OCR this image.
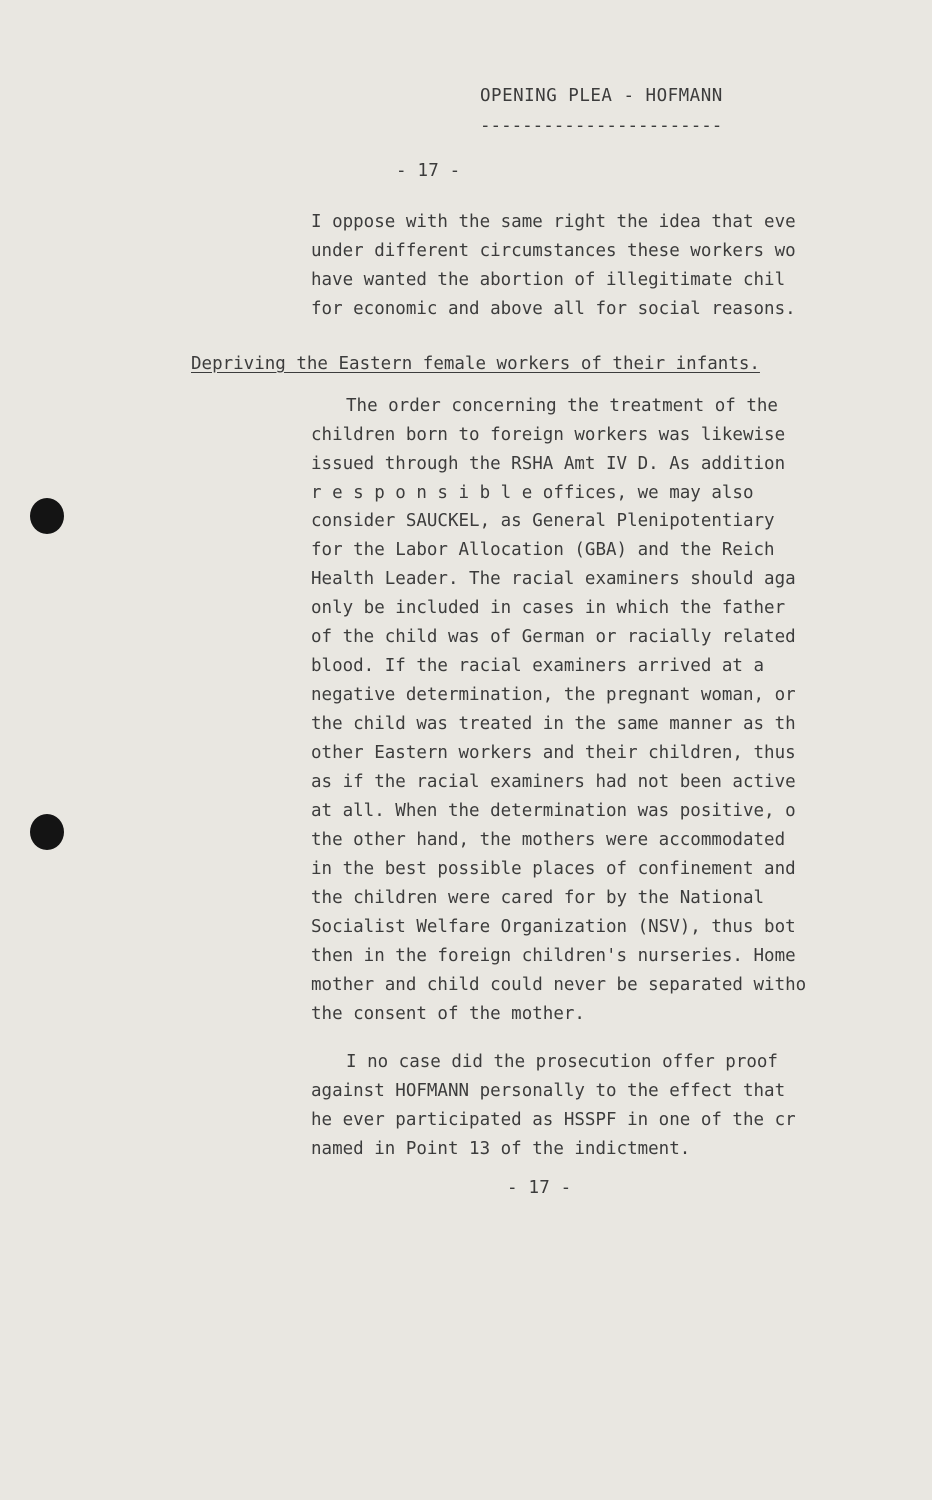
OPENING PLEA - HOFMANN
-----------------------
- 17 -
I oppose with the same right the idea that eve
under different circumstances these workers wo
have wanted the abortion of illegitimate chil
for economic and above all for social reasons.
Depriving the Eastern female workers of their infants.
The order concerning the treatment of the
children born to foreign workers was likewise
issued through the RSHA Amt IV D. As addition
r e s p o n s i b l e offices, we may also
consider SAUCKEL, as General Plenipotentiary
for the Labor Allocation (GBA) and the Reich
Health Leader. The racial examiners should aga
only be included in cases in which the father
of the child was of German or racially related
blood. If the racial examiners arrived at a
negative determination, the pregnant woman, or
the child was treated in the same manner as th
other Eastern workers and their children, thus
as if the racial examiners had not been active
at all. When the determination was positive, o
the other hand, the mothers were accommodated
in the best possible places of confinement and
the children were cared for by the National
Socialist Welfare Organization (NSV), thus bot
then in the foreign children's nurseries. Home
mother and child could never be separated witho
the consent of the mother.
I no case did the prosecution offer proof
against HOFMANN personally to the effect that
he ever participated as HSSPF in one of the cr
named in Point 13 of the indictment.
- 17 -
